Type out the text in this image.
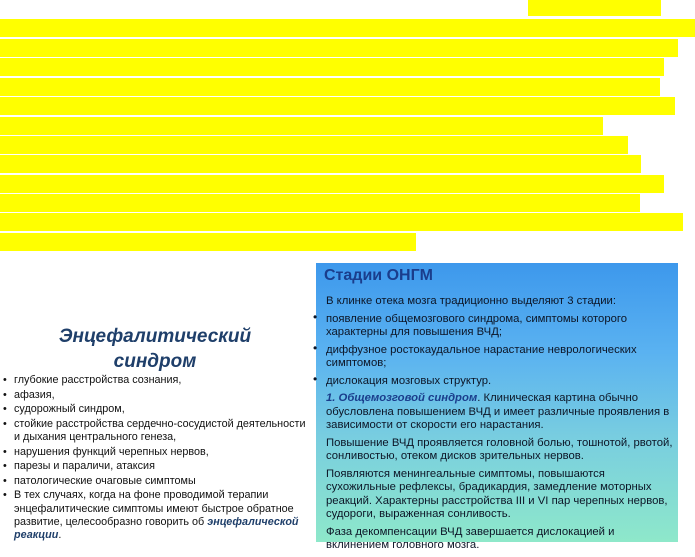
Энцефалитический
синдром
• глубокие расстройства сознания,
• афазия,
• судорожный синдром,
• стойкие расстройства сердечно-сосудистой деятельности и дыхания центрального генеза,
• нарушения функций черепных нервов,
• парезы и параличи, атаксия
• патологические очаговые симптомы
• В тех случаях, когда на фоне проводимой терапии энцефалитические симптомы имеют быстрое обратное развитие, целесообразно говорить об энцефалической реакции.
Стадии ОНГМ

В клинке отека мозга традиционно выделяют 3 стадии:

• появление общемозгового синдрома, симптомы которого характерны для повышения ВЧД;

• диффузное ростокаудальное нарастание неврологических симптомов;

• дислокация мозговых структур.

1. Общемозговой синдром. Клиническая картина обычно обусловлена повышением ВЧД и имеет различные проявления в зависимости от скорости его нарастания.

Повышение ВЧД проявляется головной болью, тошнотой, рвотой, сонливостью, отеком дисков зрительных нервов.

Появляются менингеальные симптомы, повышаются сухожильные рефлексы, брадикардия, замедление моторных реакций. Характерны расстройства III и VI пар черепных нервов, судороги, выраженная сонливость.

Фаза декомпенсации ВЧД завершается дислокацией и вклинением головного мозга.
